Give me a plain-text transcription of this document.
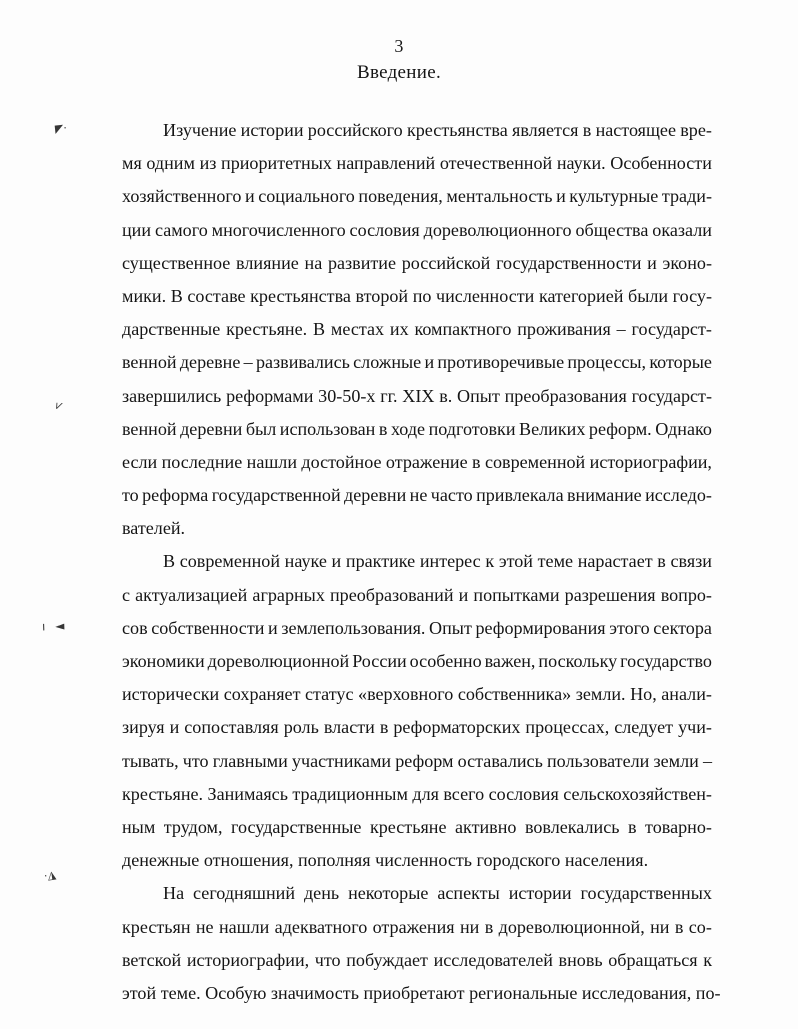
3
Введение.

Изучение истории российского крестьянства является в настоящее вре-
мя одним из приоритетных направлений отечественной науки. Особенности
хозяйственного и социального поведения, ментальность и культурные тради-
ции самого многочисленного сословия дореволюционного общества оказали
существенное влияние на развитие российской государственности и эконо-
мики. В составе крестьянства второй по численности категорией были госу-
дарственные крестьяне. В местах их компактного проживания – государст-
венной деревне – развивались сложные и противоречивые процессы, которые
завершились реформами 30-50-х гг. XIX в. Опыт преобразования государст-
венной деревни был использован в ходе подготовки Великих реформ. Однако
если последние нашли достойное отражение в современной историографии,
то реформа государственной деревни не часто привлекала внимание исследо-
вателей.

В современной науке и практике интерес к этой теме нарастает в связи
с актуализацией аграрных преобразований и попытками разрешения вопро-
сов собственности и землепользования. Опыт реформирования этого сектора
экономики дореволюционной России особенно важен, поскольку государство
исторически сохраняет статус «верховного собственника» земли. Но, анали-
зируя и сопоставляя роль власти в реформаторских процессах, следует учи-
тывать, что главными участниками реформ оставались пользователи земли –
крестьяне. Занимаясь традиционным для всего сословия сельскохозяйствен-
ным трудом, государственные крестьяне активно вовлекались в товарно-
денежные отношения, пополняя численность городского населения.

На сегодняшний день некоторые аспекты истории государственных
крестьян не нашли адекватного отражения ни в дореволюционной, ни в со-
ветской историографии, что побуждает исследователей вновь обращаться к
этой теме. Особую значимость приобретают региональные исследования, по-

◤·
⩗
ı ◄
·◮
